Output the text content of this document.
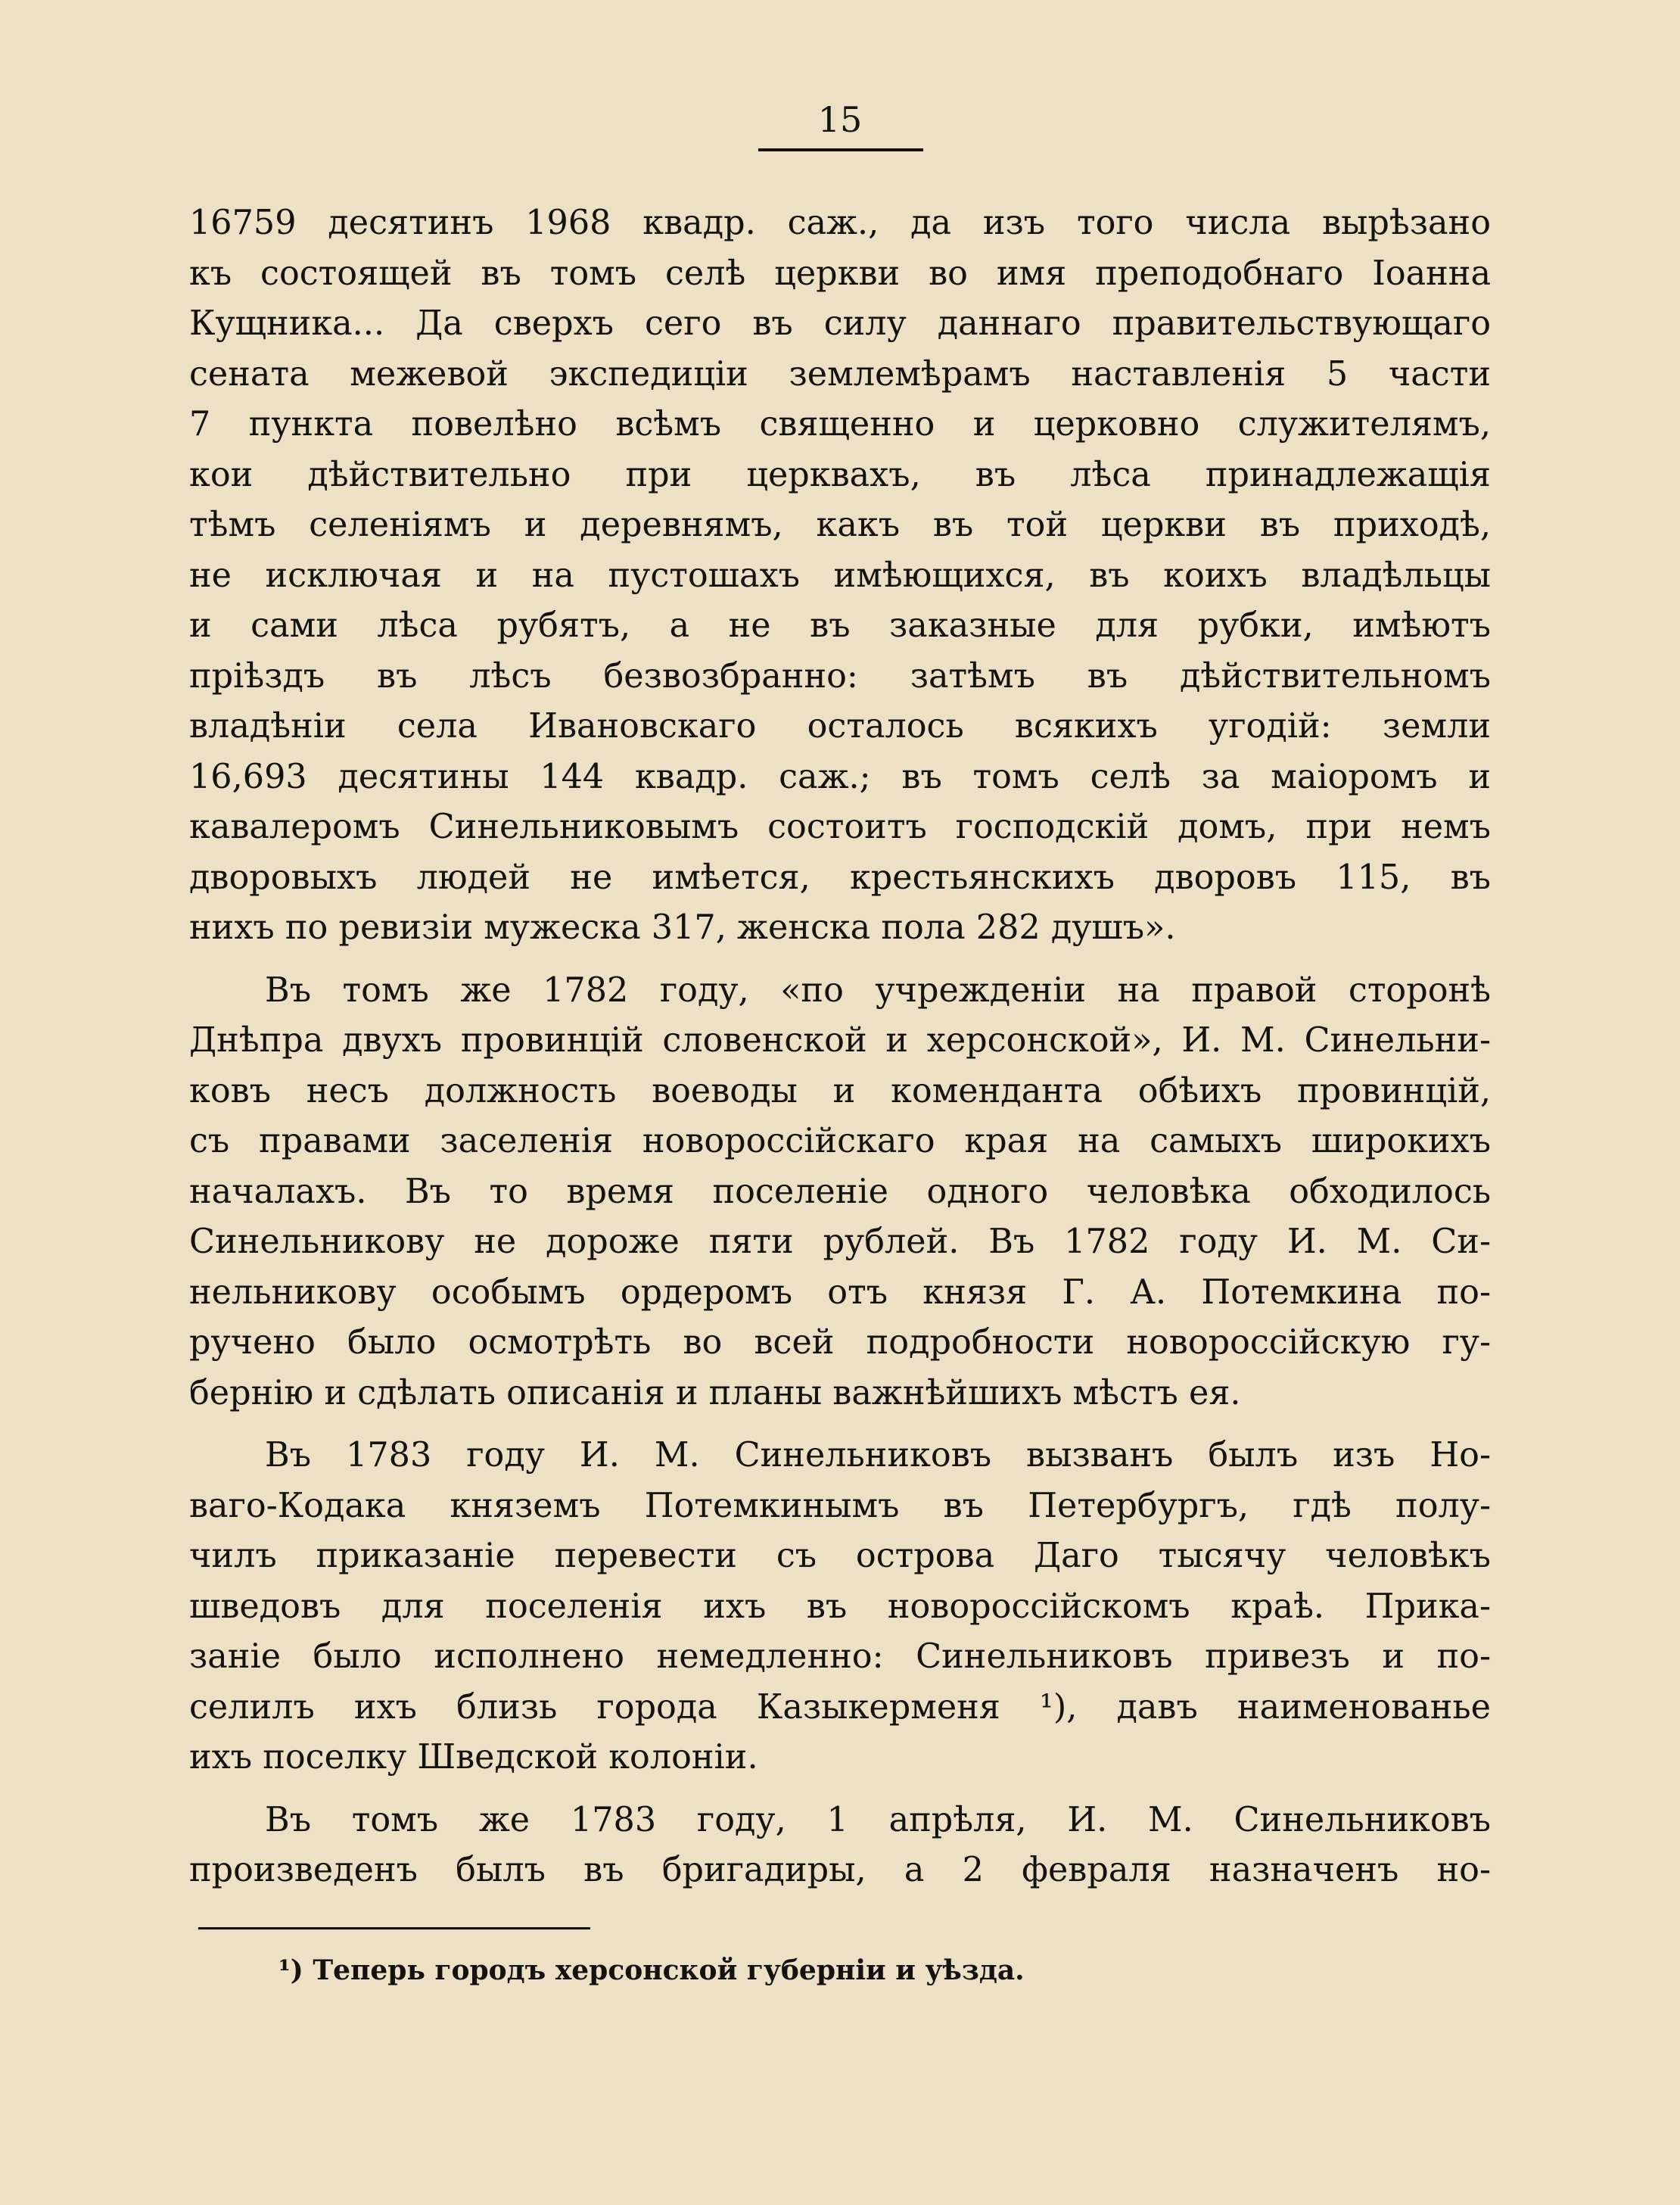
15
16759 десятинъ 1968 квадр. саж., да изъ того числа вырѣзано
къ состоящей въ томъ селѣ церкви во имя преподобнаго Іоанна
Кущника... Да сверхъ сего въ силу даннаго правительствующаго
сената межевой экспедиціи землемѣрамъ наставленія 5 части
7 пункта повелѣно всѣмъ священно и церковно служителямъ,
кои дѣйствительно при церквахъ, въ лѣса принадлежащія
тѣмъ селеніямъ и деревнямъ, какъ въ той церкви въ приходѣ,
не исключая и на пустошахъ имѣющихся, въ коихъ владѣльцы
и сами лѣса рубятъ, а не въ заказные для рубки, имѣютъ
пріѣздъ въ лѣсъ безвозбранно: затѣмъ въ дѣйствительномъ
владѣніи села Ивановскаго осталось всякихъ угодій: земли
16,693 десятины 144 квадр. саж.; въ томъ селѣ за маіоромъ и
кавалеромъ Синельниковымъ состоитъ господскій домъ, при немъ
дворовыхъ людей не имѣется, крестьянскихъ дворовъ 115, въ
нихъ по ревизіи мужеска 317, женска пола 282 душъ».
Въ томъ же 1782 году, «по учрежденіи на правой сторонѣ
Днѣпра двухъ провинцій словенской и херсонской», И. М. Синельни-
ковъ несъ должность воеводы и коменданта обѣихъ провинцій,
съ правами заселенія новороссійскаго края на самыхъ широкихъ
началахъ. Въ то время поселеніе одного человѣка обходилось
Синельникову не дороже пяти рублей. Въ 1782 году И. М. Си-
нельникову особымъ ордеромъ отъ князя Г. А. Потемкина по-
ручено было осмотрѣть во всей подробности новороссійскую гу-
бернію и сдѣлать описанія и планы важнѣйшихъ мѣстъ ея.
Въ 1783 году И. М. Синельниковъ вызванъ былъ изъ Но-
ваго-Кодака княземъ Потемкинымъ въ Петербургъ, гдѣ полу-
чилъ приказаніе перевести съ острова Даго тысячу человѣкъ
шведовъ для поселенія ихъ въ новороссійскомъ краѣ. Прика-
заніе было исполнено немедленно: Синельниковъ привезъ и по-
селилъ ихъ близь города Казыкерменя ¹), давъ наименованье
ихъ поселку Шведской колоніи.
Въ томъ же 1783 году, 1 апрѣля, И. М. Синельниковъ
произведенъ былъ въ бригадиры, а 2 февраля назначенъ но-
¹) Теперь городъ херсонской губерніи и уѣзда.
